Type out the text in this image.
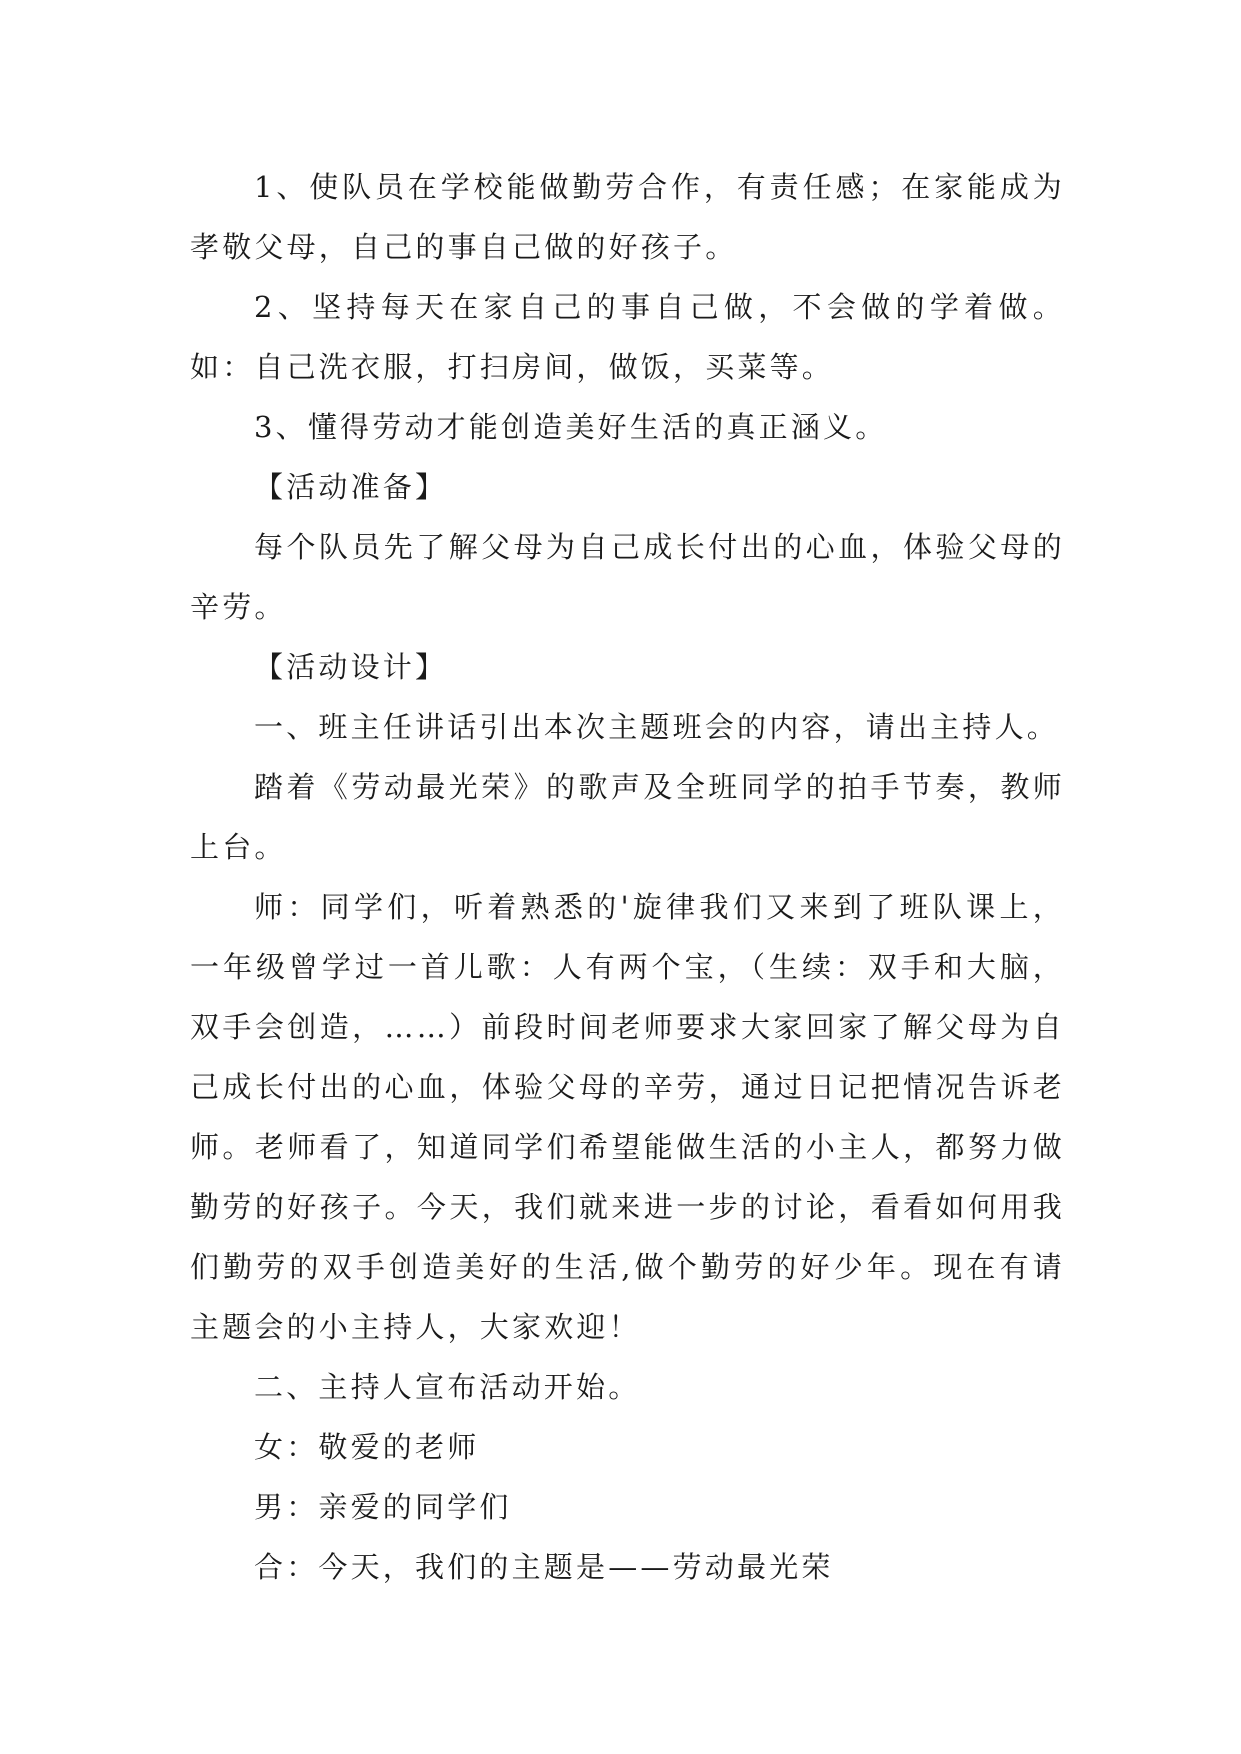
1、使队员在学校能做勤劳合作，有责任感；在家能成为孝敬父母，自己的事自己做的好孩子。

2、坚持每天在家自己的事自己做，不会做的学着做。如：自己洗衣服，打扫房间，做饭，买菜等。

3、懂得劳动才能创造美好生活的真正涵义。

【活动准备】

每个队员先了解父母为自己成长付出的心血，体验父母的辛劳。

【活动设计】

一、班主任讲话引出本次主题班会的内容，请出主持人。

踏着《劳动最光荣》的歌声及全班同学的拍手节奏，教师上台。

师：同学们，听着熟悉的'旋律我们又来到了班队课上，一年级曾学过一首儿歌：人有两个宝，（生续：双手和大脑，双手会创造，……）前段时间老师要求大家回家了解父母为自己成长付出的心血，体验父母的辛劳，通过日记把情况告诉老师。老师看了，知道同学们希望能做生活的小主人，都努力做勤劳的好孩子。今天，我们就来进一步的讨论，看看如何用我们勤劳的双手创造美好的生活,做个勤劳的好少年。现在有请主题会的小主持人，大家欢迎！

二、主持人宣布活动开始。

女：敬爱的老师

男：亲爱的同学们

合：今天，我们的主题是——劳动最光荣
